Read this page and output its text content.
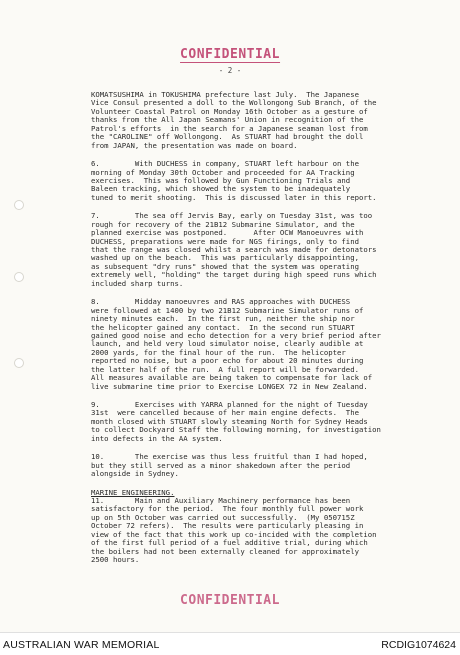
CONFIDENTIAL
- 2 -
KOMATSUSHIMA in TOKUSHIMA prefecture last July.  The Japanese
Vice Consul presented a doll to the Wollongong Sub Branch, of the
Volunteer Coastal Patrol on Monday 16th October as a gesture of
thanks from the All Japan Seamans' Union in recognition of the
Patrol's efforts  in the search for a Japanese seaman lost from
the "CAROLINE" off Wollongong.  As STUART had brought the doll
from JAPAN, the presentation was made on board.
6.        With DUCHESS in company, STUART left harbour on the
morning of Monday 30th October and proceeded for AA Tracking
exercises.  This was followed by Gun Functioning Trials and
Baleen tracking, which showed the system to be inadequately
tuned to merit shooting.  This is discussed later in this report.
7.        The sea off Jervis Bay, early on Tuesday 31st, was too
rough for recovery of the 21B12 Submarine Simulator, and the
planned exercise was postponed.      After OCW Manoeuvres with
DUCHESS, preparations were made for NGS firings, only to find
that the range was closed whilst a search was made for detonators
washed up on the beach.  This was particularly disappointing,
as subsequent "dry runs" showed that the system was operating
extremely well, "holding" the target during high speed runs which
included sharp turns.
8.        Midday manoeuvres and RAS approaches with DUCHESS
were followed at 1400 by two 21B12 Submarine Simulator runs of
ninety minutes each.  In the first run, neither the ship nor
the helicopter gained any contact.  In the second run STUART
gained good noise and echo detection for a very brief period after
launch, and held very loud simulator noise, clearly audible at
2000 yards, for the final hour of the run.  The helicopter
reported no noise, but a poor echo for about 20 minutes during
the latter half of the run.  A full report will be forwarded.
All measures available are being taken to compensate for lack of
live submarine time prior to Exercise LONGEX 72 in New Zealand.
9.        Exercises with YARRA planned for the night of Tuesday
31st  were cancelled because of her main engine defects.  The
month closed with STUART slowly steaming North for Sydney Heads
to collect Dockyard Staff the following morning, for investigation
into defects in the AA system.
10.       The exercise was thus less fruitful than I had hoped,
but they still served as a minor shakedown after the period
alongside in Sydney.
MARINE ENGINEERING.
11.       Main and Auxiliary Machinery performance has been
satisfactory for the period.  The four monthly full power work
up on 5th October was carried out successfully.  (My 050715Z
October 72 refers).  The results were particularly pleasing in
view of the fact that this work up co-incided with the completion
of the first full period of a fuel additive trial, during which
the boilers had not been externally cleaned for approximately
2500 hours.
CONFIDENTIAL
AUSTRALIAN WAR MEMORIAL	RCDIG1074624
